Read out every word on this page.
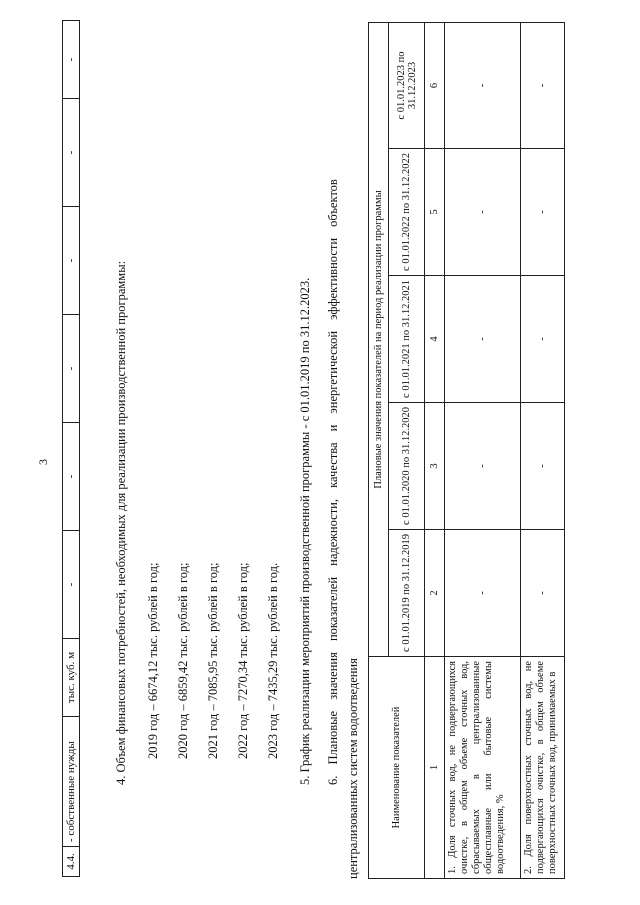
3
4.4.	- собственные нужды	тыс. куб. м	-	-	-	-	-	-
4. Объем финансовых потребностей, необходимых для реализации производственной программы: 2019 год – 6674,12 тыс. рублей в год; 2020 год – 6859,42 тыс. рублей в год; 2021 год – 7085,95 тыс. рублей в год; 2022 год – 7270,34 тыс. рублей в год; 2023 год – 7435,29 тыс. рублей в год. 5. График реализации мероприятий производственной программы - с 01.01.2019 по 31.12.2023. 6. Плановые значения показателей надежности, качества и энергетической эффективности объектов централизованных систем водоотведения	Наименование показателей	Плановые значения показателей на период реализации программы				
	с 01.01.2019 по 31.12.2019	с 01.01.2020 по 31.12.2020	с 01.01.2021 по 31.12.2021	с 01.01.2022 по 31.12.2022	с 01.01.2023 по 31.12.2023
1	2	3	4	5	6
1. Доля сточных вод, не подвергающихся очистке, в общем объеме сточных вод, сбрасываемых в централизованные общесплавные или бытовые системы водоотведения, %	-	-	-	-	-
2. Доля поверхностных сточных вод, не подвергающихся очистке, в общем объеме поверхностных сточных вод, принимаемых в	-	-	-	-	-
